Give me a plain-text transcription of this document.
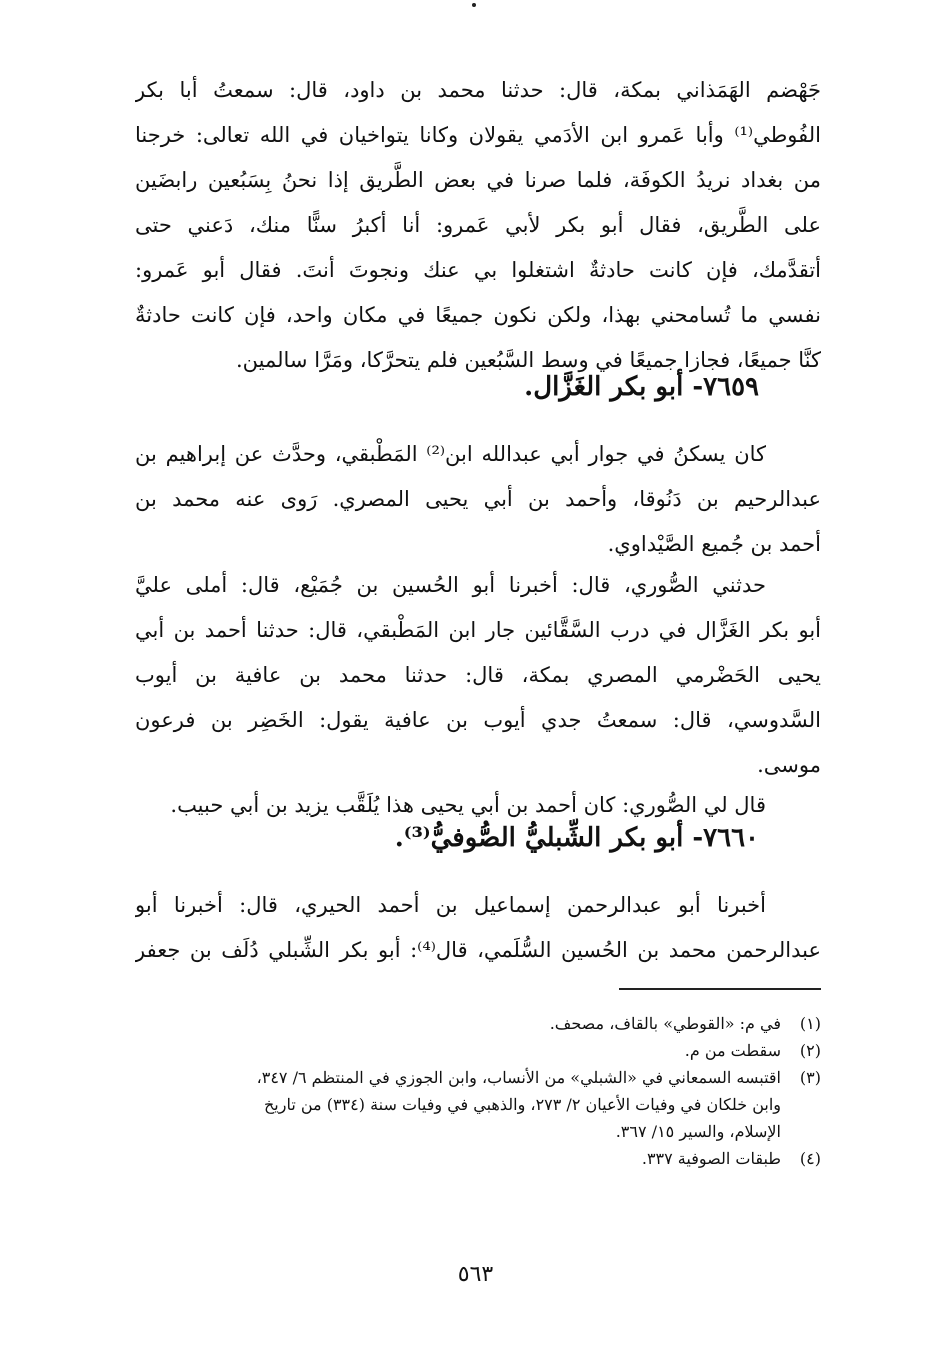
جَهْضم الهَمَذاني بمكة، قال: حدثنا محمد بن داود، قال: سمعتُ أبا بكر
الفُوطي⁽¹⁾ وأبا عَمرو ابن الأدَمي يقولان وكانا يتواخيان في الله تعالى: خرجنا
من بغداد نريدُ الكوفَة، فلما صرنا في بعض الطَّريق إذا نحنُ بِسَبُعين رابضَين
على الطَّريق، فقال أبو بكر لأبي عَمرو: أنا أكبرُ سنًّا منك، دَعني حتى
أتقدَّمك، فإن كانت حادثةٌ اشتغلوا بي عنك ونجوتَ أنتَ. فقال أبو عَمرو:
نفسي ما تُسامحني بهذا، ولكن نكون جميعًا في مكان واحد، فإن كانت حادثةٌ
كنَّا جميعًا، فجازا جميعًا في وسط السَّبُعين فلم يتحرَّكا، ومَرَّا سالمين.
٧٦٥٩- أبو بكر الغَزَّال.
كان يسكنُ في جوار أبي عبدالله ابن⁽²⁾ المَطْبقي، وحدَّث عن إبراهيم بن
عبدالرحيم بن دَنُوقا، وأحمد بن أبي يحيى المصري. رَوى عنه محمد بن
أحمد بن جُميع الصَّيْداوي.
حدثني الصُّوري، قال: أخبرنا أبو الحُسين بن جُمَيْع، قال: أملى عليَّ
أبو بكر الغَزَّال في درب السَّقَّائين جار ابن المَطْبقي، قال: حدثنا أحمد بن أبي
يحيى الحَضْرمي المصري بمكة، قال: حدثنا محمد بن عافية بن أيوب
السَّدوسي، قال: سمعتُ جدي أيوب بن عافية يقول: الخَضِر بن فرعون
موسى.
قال لي الصُّوري: كان أحمد بن أبي يحيى هذا يُلَقَّب يزيد بن أبي حبيب.
٧٦٦٠- أبو بكر الشِّبليُّ الصُّوفيُّ⁽³⁾.
أخبرنا أبو عبدالرحمن إسماعيل بن أحمد الحيري، قال: أخبرنا أبو
عبدالرحمن محمد بن الحُسين السُّلَمي، قال⁽⁴⁾: أبو بكر الشِّبلي دُلَف بن جعفر
(١)
في م: «القوطي» بالقاف، مصحف.
(٢)
سقطت من م.
(٣)
اقتبسه السمعاني في «الشبلي» من الأنساب، وابن الجوزي في المنتظم ٦/ ٣٤٧،
وابن خلكان في وفيات الأعيان ٢/ ٢٧٣، والذهبي في وفيات سنة (٣٣٤) من تاريخ
الإسلام، والسير ١٥/ ٣٦٧.
(٤)
طبقات الصوفية ٣٣٧.
٥٦٣
